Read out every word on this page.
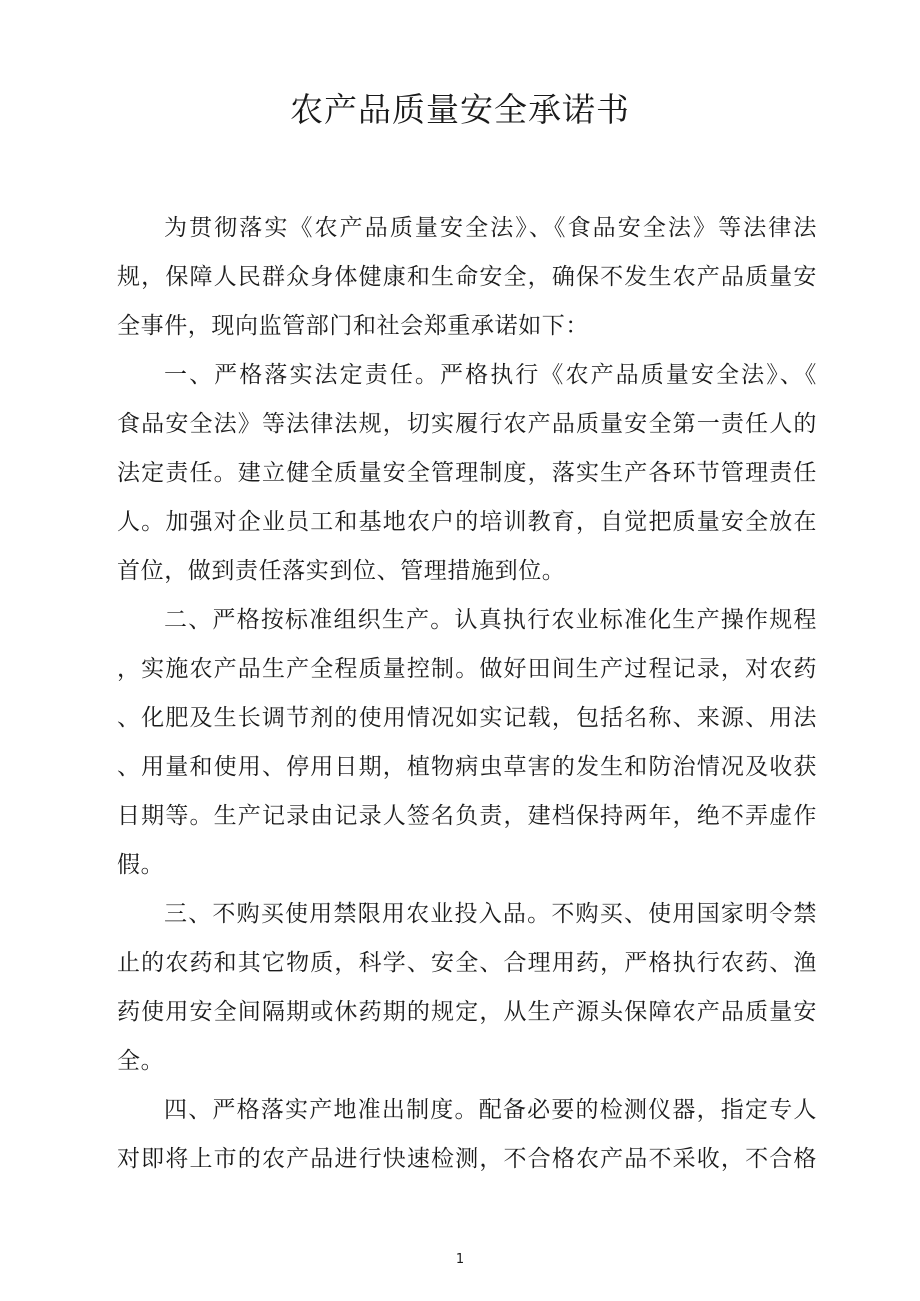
农产品质量安全承诺书
为贯彻落实《农产品质量安全法》、《食品安全法》等法律法
规，保障人民群众身体健康和生命安全，确保不发生农产品质量安
全事件，现向监管部门和社会郑重承诺如下：
一、严格落实法定责任。严格执行《农产品质量安全法》、《
食品安全法》等法律法规，切实履行农产品质量安全第一责任人的
法定责任。建立健全质量安全管理制度，落实生产各环节管理责任
人。加强对企业员工和基地农户的培训教育，自觉把质量安全放在
首位，做到责任落实到位、管理措施到位。
二、严格按标准组织生产。认真执行农业标准化生产操作规程
，实施农产品生产全程质量控制。做好田间生产过程记录，对农药
、化肥及生长调节剂的使用情况如实记载，包括名称、来源、用法
、用量和使用、停用日期，植物病虫草害的发生和防治情况及收获
日期等。生产记录由记录人签名负责，建档保持两年，绝不弄虚作
假。
三、不购买使用禁限用农业投入品。不购买、使用国家明令禁
止的农药和其它物质，科学、安全、合理用药，严格执行农药、渔
药使用安全间隔期或休药期的规定，从生产源头保障农产品质量安
全。
四、严格落实产地准出制度。配备必要的检测仪器，指定专人
对即将上市的农产品进行快速检测，不合格农产品不采收，不合格
1
